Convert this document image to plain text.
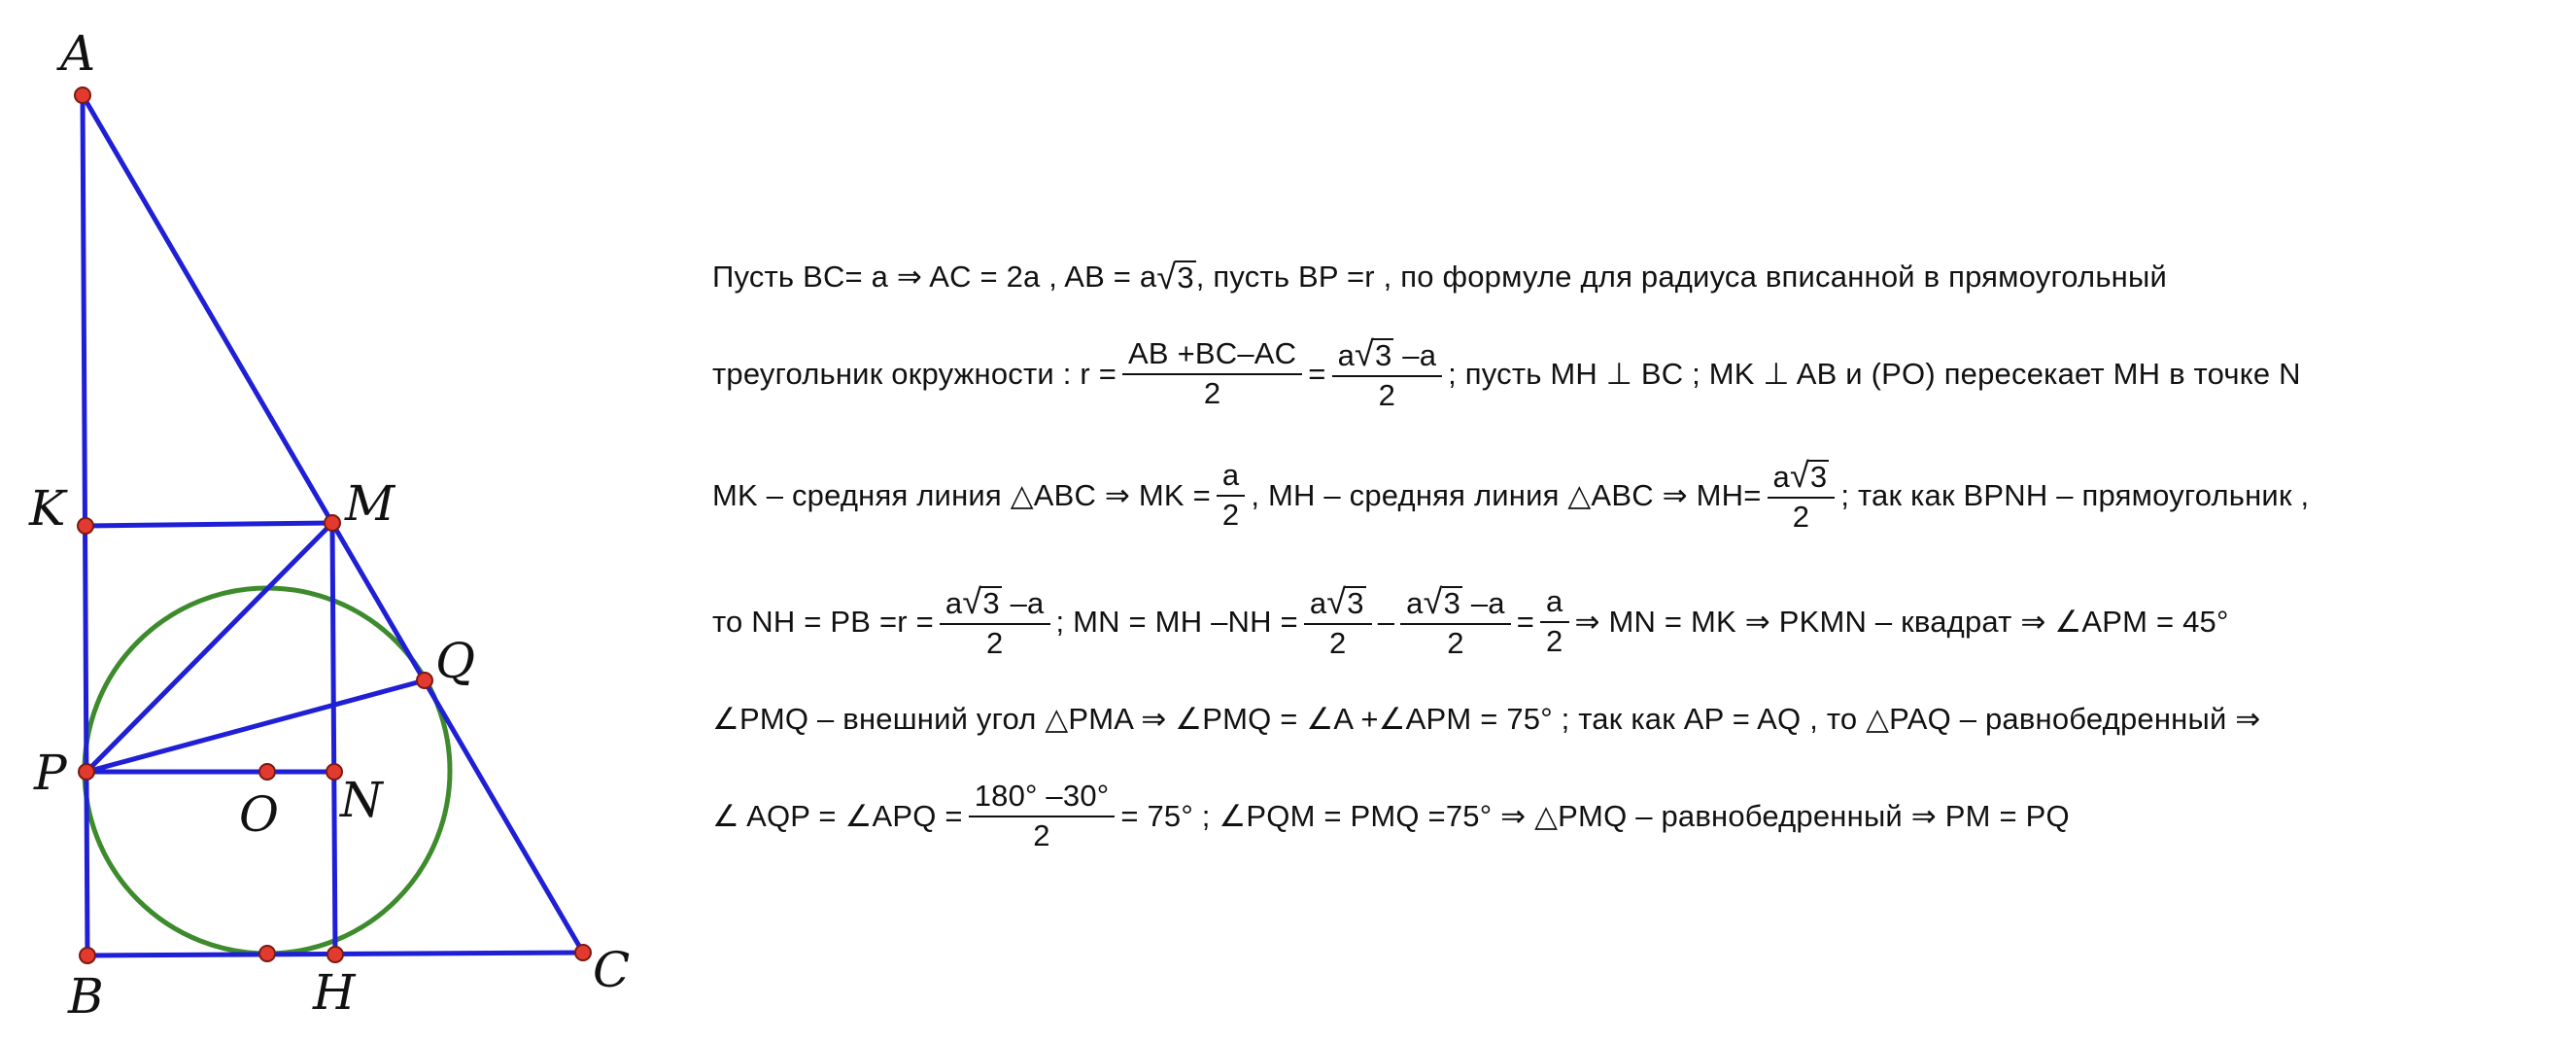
A
K	M
Q
P
O N
B	H	C
Пусть BC= a ⇒ AC = 2a , AB = a √ 3 , пусть BP =r , по формуле для радиуса вписанной в прямоугольный
треугольник окружности : $r = \frac{AB +BC-AC}{2} = \frac{a √ 3 -a}{2}$ ; пусть MH ⊥ BC ; MK ⊥ AB и (PO) пересекает MH в точке N
MK – средняя линия △ABC ⇒ MK = $\frac{a}{2}$ , MH – средняя линия △ABC ⇒ $MH= \frac{a √ 3}{2}$ ; так как BPNH – прямоугольник ,
то NH = PB $=r = \frac{a √ 3 -a}{2}$ ; MN = MH $-NH = \frac{a √ 3}{2} - \frac{a √ 3 -a}{2} = \frac{a}{2}$ ⇒ MN = MK ⇒ PKMN – квадрат ⇒ ∠APM = 45°
∠PMQ – внешний угол △PMA ⇒ ∠PMQ = ∠A +∠APM = 75° ; так как AP = AQ , то △PAQ – равнобедренный ⇒
∠ AQP = ∠APQ = $\frac{180^\circ -30^\circ}{2} = 75^\circ$ ; ∠PQM = PMQ =75° ⇒ △PMQ – равнобедренный ⇒ PM = PQ
